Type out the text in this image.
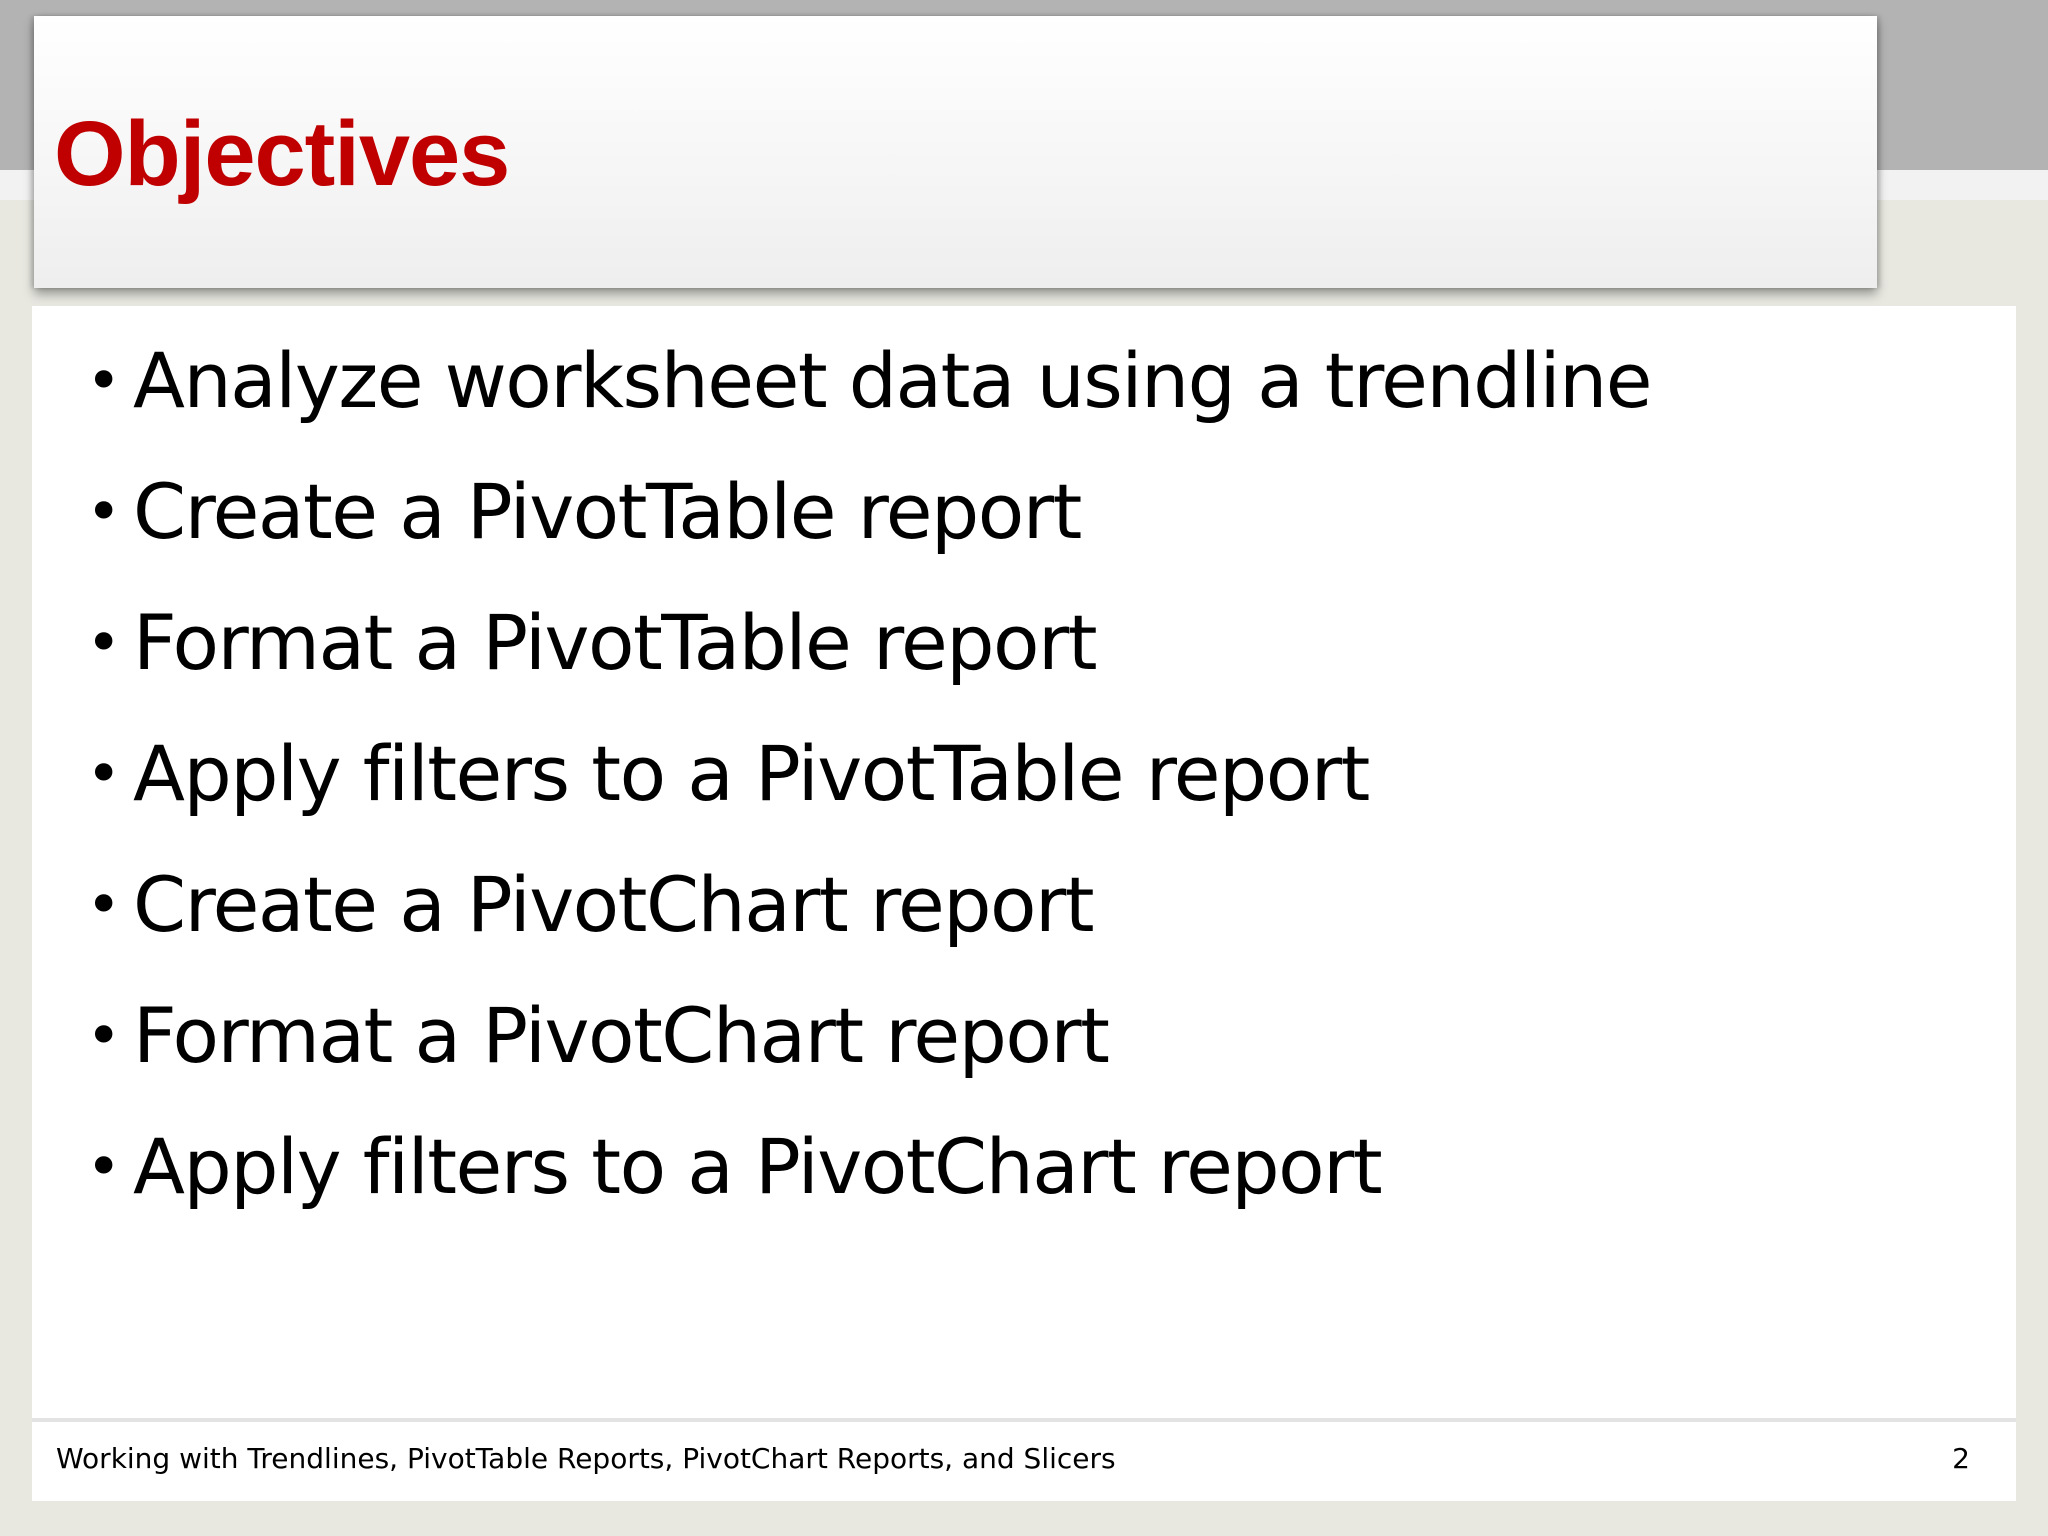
Objectives
• Analyze worksheet data using a trendline
• Create a PivotTable report
• Format a PivotTable report
• Apply filters to a PivotTable report
• Create a PivotChart report
• Format a PivotChart report
• Apply filters to a PivotChart report
Working with Trendlines, PivotTable Reports, PivotChart Reports, and Slicers	2
